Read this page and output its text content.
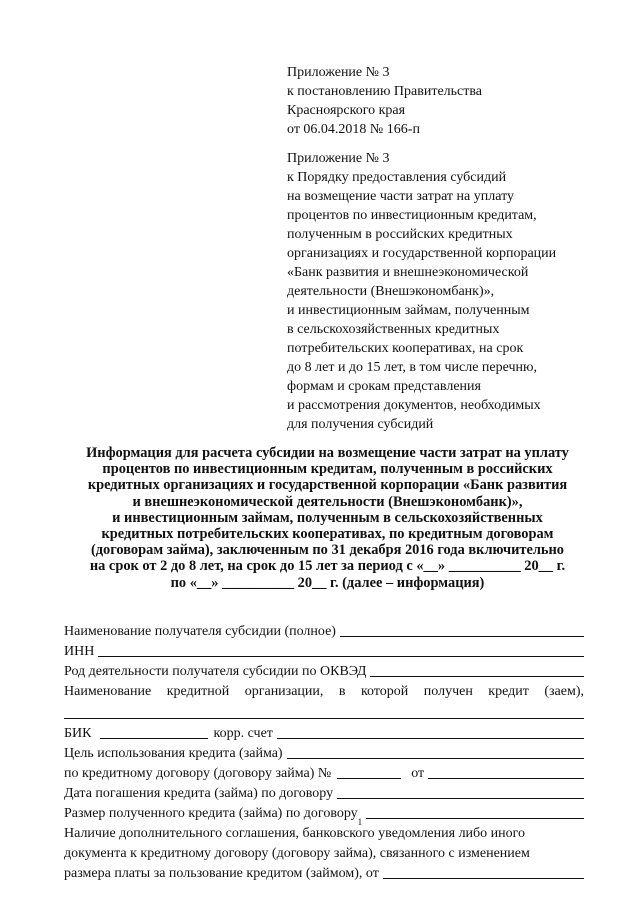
Приложение № 3
к постановлению Правительства
Красноярского края
от 06.04.2018 № 166-п
Приложение № 3
к Порядку предоставления субсидий
на возмещение части затрат на уплату
процентов по инвестиционным кредитам,
полученным в российских кредитных
организациях и государственной корпорации
«Банк развития и внешнеэкономической
деятельности (Внешэкономбанк)»,
и инвестиционным займам, полученным
в сельскохозяйственных кредитных
потребительских кооперативах, на срок
до 8 лет и до 15 лет, в том числе перечню,
формам и срокам представления
и рассмотрения документов, необходимых
для получения субсидий
Информация для расчета субсидии на возмещение части затрат на уплату
процентов по инвестиционным кредитам, полученным в российских
кредитных организациях и государственной корпорации «Банк развития
и внешнеэкономической деятельности (Внешэкономбанк)»,
и инвестиционным займам, полученным в сельскохозяйственных
кредитных потребительских кооперативах, по кредитным договорам
(договорам займа), заключенным по 31 декабря 2016 года включительно
на срок от 2 до 8 лет, на срок до 15 лет за период с «__» __________ 20__ г.
по «__» __________ 20__ г. (далее – информация)
Наименование получателя субсидии (полное)
ИНН
Род деятельности получателя субсидии по ОКВЭД
Наименование кредитной организации, в которой получен кредит (заем),
БИК	корр. счет
Цель использования кредита (займа)
по кредитному договору (договору займа) №	от
Дата погашения кредита (займа) по договору
Размер полученного кредита (займа) по договору
1
Наличие дополнительного соглашения, банковского уведомления либо иного
документа к кредитному договору (договору займа), связанного с изменением
размера платы за пользование кредитом (займом), от
